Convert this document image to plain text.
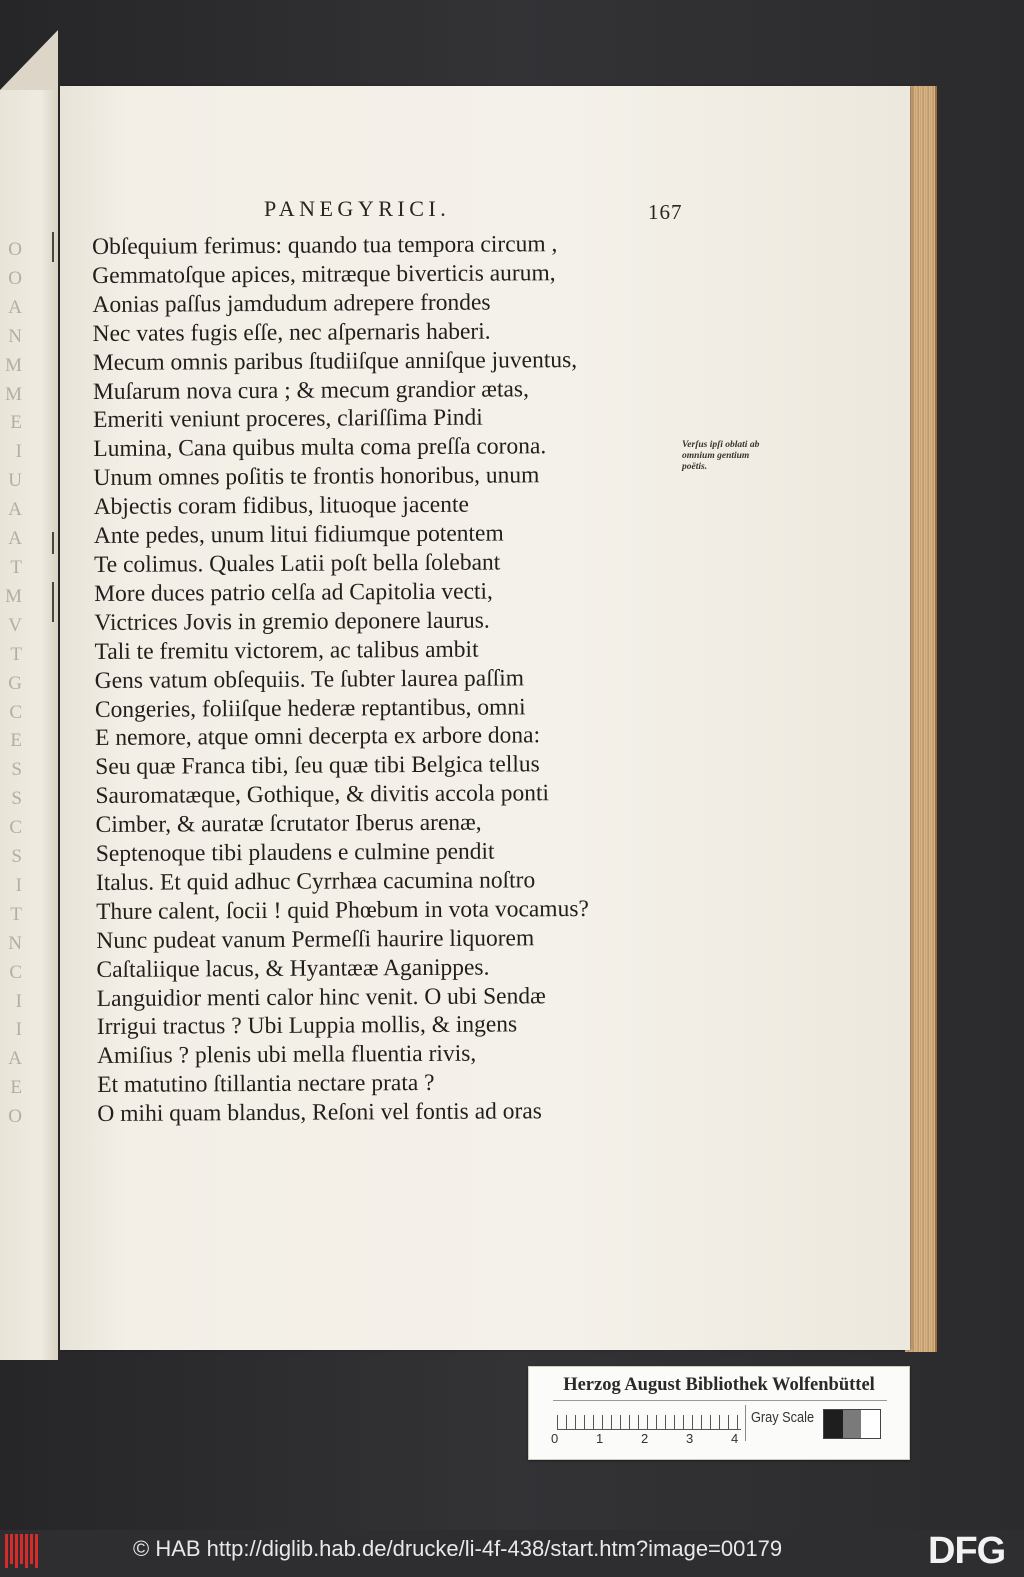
O
O
A
N
M
M
E
I
U
A
A
T
M
V
T
G
C
E
S
S
C
S
I
T
N
C
I
I
A
E
O
PANEGYRICI.	167
Obſequium ferimus: quando tua tempora circum ,
Gemmatoſque apices, mitræque biverticis aurum,
Aonias paſſus jamdudum adrepere frondes
Nec vates fugis eſſe, nec aſpernaris haberi.
Mecum omnis paribus ſtudiiſque anniſque juventus,
Muſarum nova cura ; & mecum grandior ætas,
Emeriti veniunt proceres, clariſſima Pindi
Lumina, Cana quibus multa coma preſſa corona.
Unum omnes poſitis te frontis honoribus, unum
Abjectis coram fidibus, lituoque jacente
Ante pedes, unum litui fidiumque potentem
Te colimus. Quales Latii poſt bella ſolebant
More duces patrio celſa ad Capitolia vecti,
Victrices Jovis in gremio deponere laurus.
Tali te fremitu victorem, ac talibus ambit
Gens vatum obſequiis. Te ſubter laurea paſſim
Congeries, foliiſque hederæ reptantibus, omni
E nemore, atque omni decerpta ex arbore dona:
Seu quæ Franca tibi, ſeu quæ tibi Belgica tellus
Sauromatæque, Gothique, & divitis accola ponti
Cimber, & auratæ ſcrutator Iberus arenæ,
Septenoque tibi plaudens e culmine pendit
Italus. Et quid adhuc Cyrrhæa cacumina noſtro
Thure calent, ſocii ! quid Phœbum in vota vocamus?
Nunc pudeat vanum Permeſſi haurire liquorem
Caſtaliique lacus, & Hyantææ Aganippes.
Languidior menti calor hinc venit. O ubi Sendæ
Irrigui tractus ? Ubi Luppia mollis, & ingens
Amiſius ? plenis ubi mella fluentia rivis,
Et matutino ſtillantia nectare prata ?
O mihi quam blandus, Reſoni vel fontis ad oras
Verſus ipſi oblati ab omnium gentium poëtis.
Herzog August Bibliothek Wolfenbüttel
0	1	2	3	4
Gray Scale
© HAB http://diglib.hab.de/drucke/li-4f-438/start.htm?image=00179	DFG
